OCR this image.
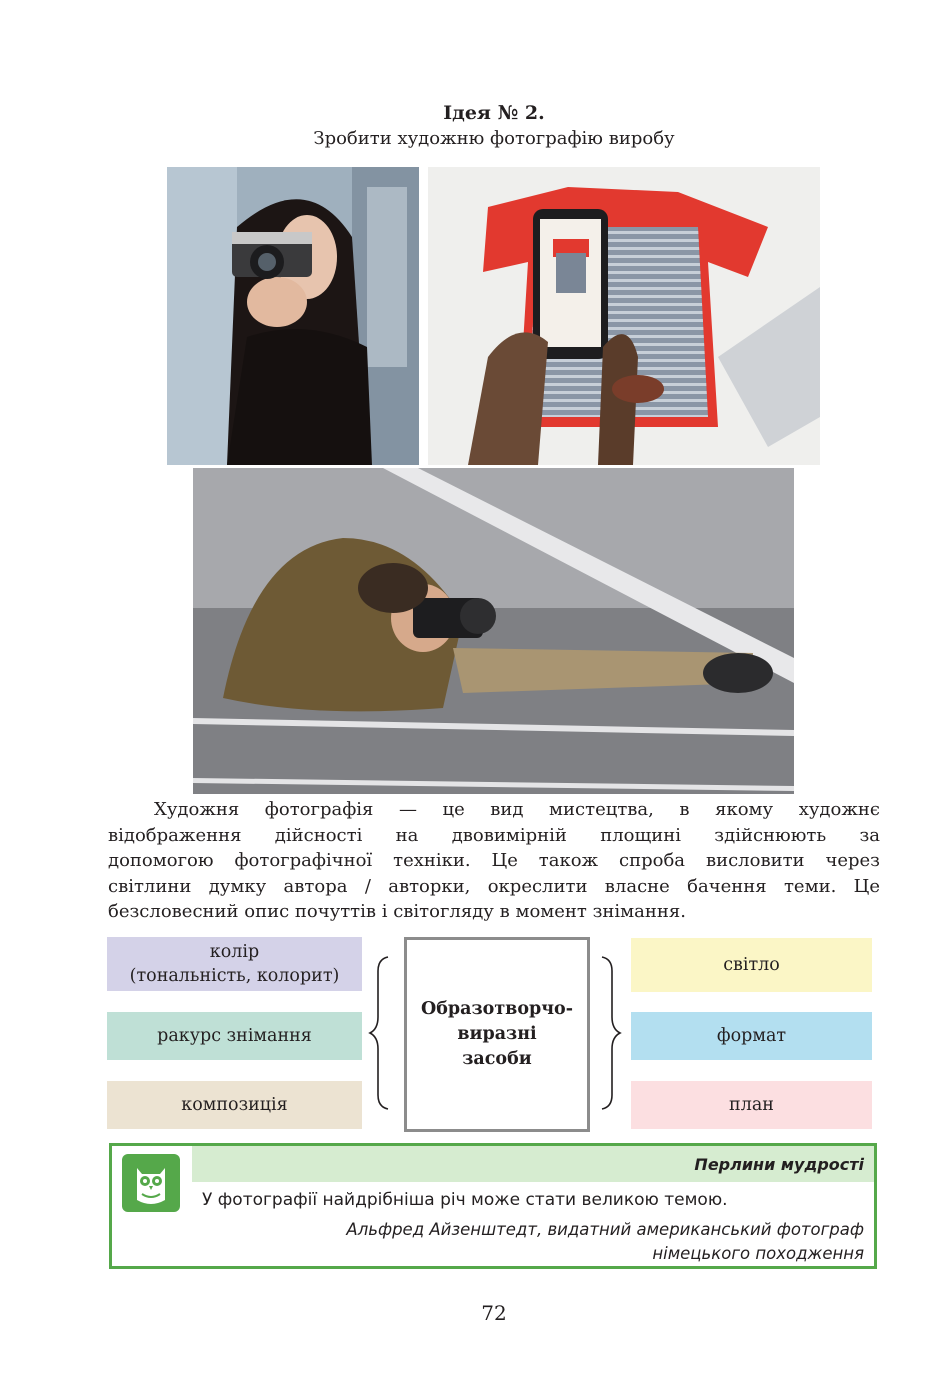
Ідея № 2.
Зробити художню фотографію виробу
Художня фотографія — це вид мистецтва, в якому художнє
відображення дійсності на двовимірній площині здійснюють за
допомогою фотографічної техніки. Це також спроба висловити через
світлини думку автора / авторки, окреслити власне бачення теми. Це
безсловесний опис почуттів і світогляду в момент знімання.
колір
(тональність, колорит)
ракурс знімання
композиція
Образотворчо-
виразні
засоби
світло
формат
план
Перлини мудрості
У фотографії найдрібніша річ може стати великою темою.
Альфред Айзенштедт, видатний американський фотограф
німецького походження
72
